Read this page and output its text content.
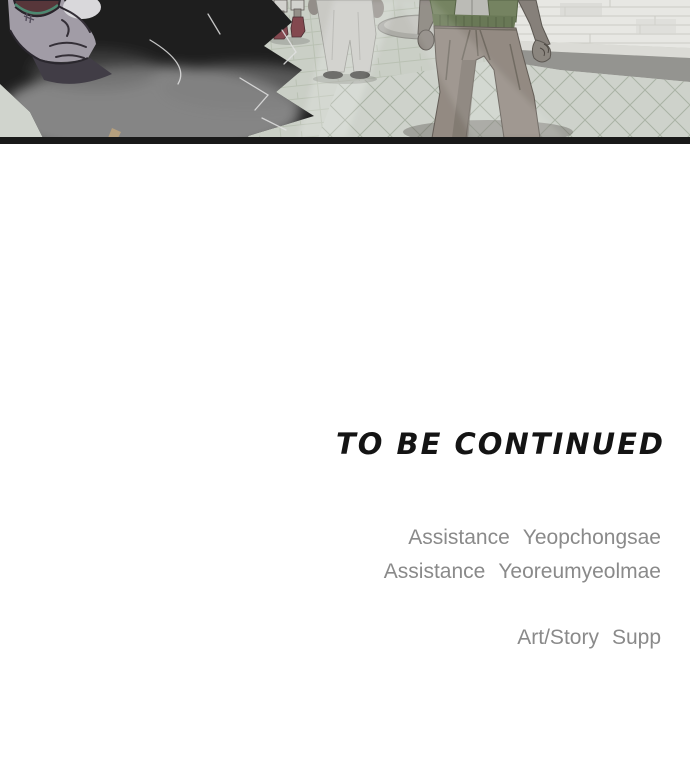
TO BE CONTINUED
Assistance Yeopchongsae
Assistance Yeoreumyeolmae
Art/Story Supp
